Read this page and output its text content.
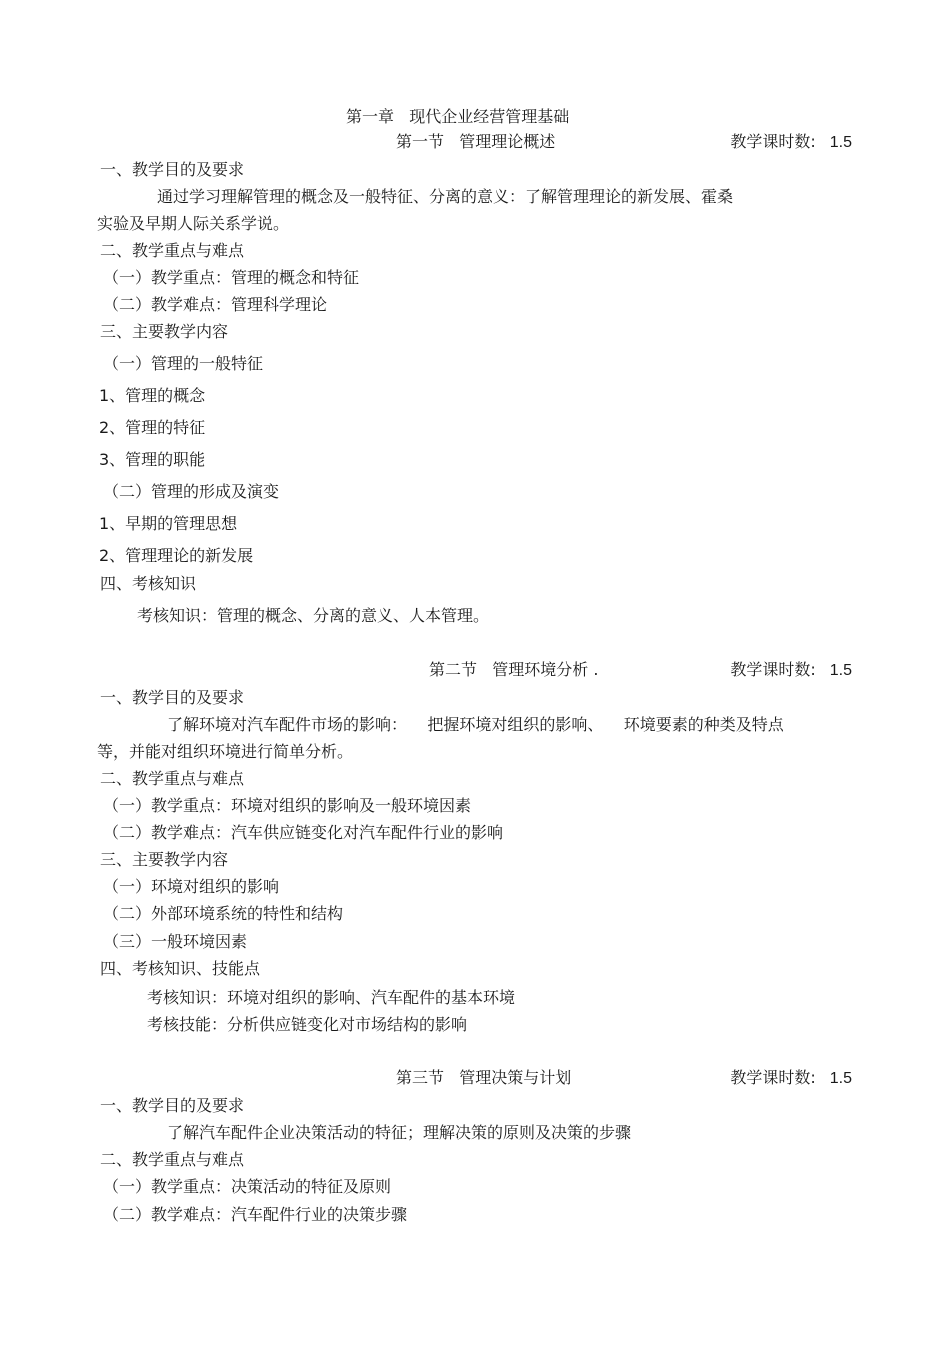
第一章   现代企业经营管理基础
第一节   管理理论概述	教学课时数: 1.5
一、教学目的及要求
通过学习理解管理的概念及一般特征、分离的意义：了解管理理论的新发展、霍桑
实验及早期人际关系学说。
二、教学重点与难点
（一）教学重点：管理的概念和特征
（二）教学难点：管理科学理论
三、主要教学内容
（一）管理的一般特征
1、管理的概念
2、管理的特征
3、管理的职能
（二）管理的形成及演变
1、早期的管理思想
2、管理理论的新发展
四、考核知识
考核知识：管理的概念、分离的意义、人本管理。
第二节   管理环境分析 .	教学课时数: 1.5
一、教学目的及要求
了解环境对汽车配件市场的影响：    把握环境对组织的影响、    环境要素的种类及特点
等，并能对组织环境进行简单分析。
二、教学重点与难点
（一）教学重点：环境对组织的影响及一般环境因素
（二）教学难点：汽车供应链变化对汽车配件行业的影响
三、主要教学内容
（一）环境对组织的影响
（二）外部环境系统的特性和结构
（三）一般环境因素
四、考核知识、技能点
考核知识：环境对组织的影响、汽车配件的基本环境
考核技能：分析供应链变化对市场结构的影响
第三节   管理决策与计划	教学课时数: 1.5
一、教学目的及要求
了解汽车配件企业决策活动的特征；理解决策的原则及决策的步骤
二、教学重点与难点
（一）教学重点：决策活动的特征及原则
（二）教学难点：汽车配件行业的决策步骤
